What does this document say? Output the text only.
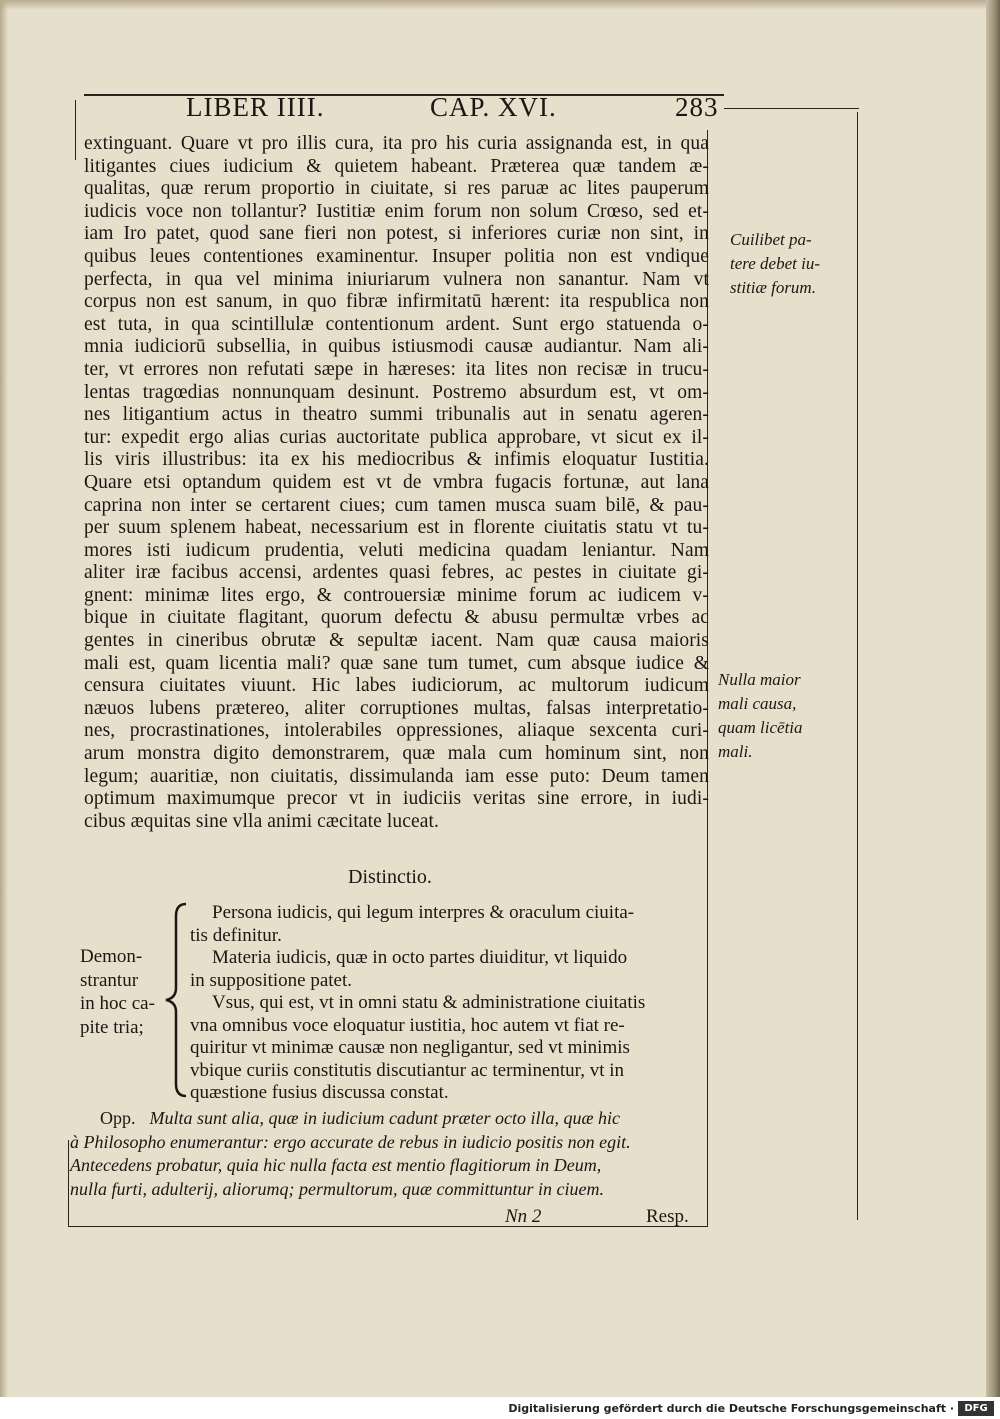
LIBER IIII.	CAP. XVI.	283
extinguant. Quare vt pro illis cura, ita pro his curia assignanda est, in qua
litigantes ciues iudicium & quietem habeant. Præterea quæ tandem æ-
qualitas, quæ rerum proportio in ciuitate, si res paruæ ac lites pauperum
iudicis voce non tollantur? Iustitiæ enim forum non solum Crœso, sed et-
iam Iro patet, quod sane fieri non potest, si inferiores curiæ non sint, in
quibus leues contentiones examinentur. Insuper politia non est vndique
perfecta, in qua vel minima iniuriarum vulnera non sanantur. Nam vt
corpus non est sanum, in quo fibræ infirmitatū hærent: ita respublica non
est tuta, in qua scintillulæ contentionum ardent. Sunt ergo statuenda o-
mnia iudiciorū subsellia, in quibus istiusmodi causæ audiantur. Nam ali-
ter, vt errores non refutati sæpe in hæreses: ita lites non recisæ in trucu-
lentas tragœdias nonnunquam desinunt. Postremo absurdum est, vt om-
nes litigantium actus in theatro summi tribunalis aut in senatu ageren-
tur: expedit ergo alias curias auctoritate publica approbare, vt sicut ex il-
lis viris illustribus: ita ex his mediocribus & infimis eloquatur Iustitia.
Quare etsi optandum quidem est vt de vmbra fugacis fortunæ, aut lana
caprina non inter se certarent ciues; cum tamen musca suam bilē, & pau-
per suum splenem habeat, necessarium est in florente ciuitatis statu vt tu-
mores isti iudicum prudentia, veluti medicina quadam leniantur. Nam
aliter iræ facibus accensi, ardentes quasi febres, ac pestes in ciuitate gi-
gnent: minimæ lites ergo, & controuersiæ minime forum ac iudicem v-
bique in ciuitate flagitant, quorum defectu & abusu permultæ vrbes ac
gentes in cineribus obrutæ & sepultæ iacent. Nam quæ causa maioris
mali est, quam licentia mali? quæ sane tum tumet, cum absque iudice &
censura ciuitates viuunt. Hic labes iudiciorum, ac multorum iudicum
næuos lubens prætereo, aliter corruptiones multas, falsas interpretatio-
nes, procrastinationes, intolerabiles oppressiones, aliaque sexcenta curi-
arum monstra digito demonstrarem, quæ mala cum hominum sint, non
legum; auaritiæ, non ciuitatis, dissimulanda iam esse puto: Deum tamen
optimum maximumque precor vt in iudiciis veritas sine errore, in iudi-
cibus æquitas sine vlla animi cæcitate luceat.
Cuilibet pa-
tere debet iu-
stitiæ forum.
Nulla maior
mali causa,
quam licētia
mali.
Distinctio.
Demon-
strantur
in hoc ca-
pite tria;
Persona iudicis, qui legum interpres & oraculum ciuita-
tis definitur.
Materia iudicis, quæ in octo partes diuiditur, vt liquido
in suppositione patet.
Vsus, qui est, vt in omni statu & administratione ciuitatis
vna omnibus voce eloquatur iustitia, hoc autem vt fiat re-
quiritur vt minimæ causæ non negligantur, sed vt minimis
vbique curiis constitutis discutiantur ac terminentur, vt in
quæstione fusius discussa constat.
Opp. Multa sunt alia, quæ in iudicium cadunt præter octo illa, quæ hic
à Philosopho enumerantur: ergo accurate de rebus in iudicio positis non egit.
Antecedens probatur, quia hic nulla facta est mentio flagitiorum in Deum,
nulla furti, adulterij, aliorumq; permultorum, quæ committuntur in ciuem.
Nn 2	Resp.
Digitalisierung gefördert durch die Deutsche Forschungsgemeinschaft ·	DFG
